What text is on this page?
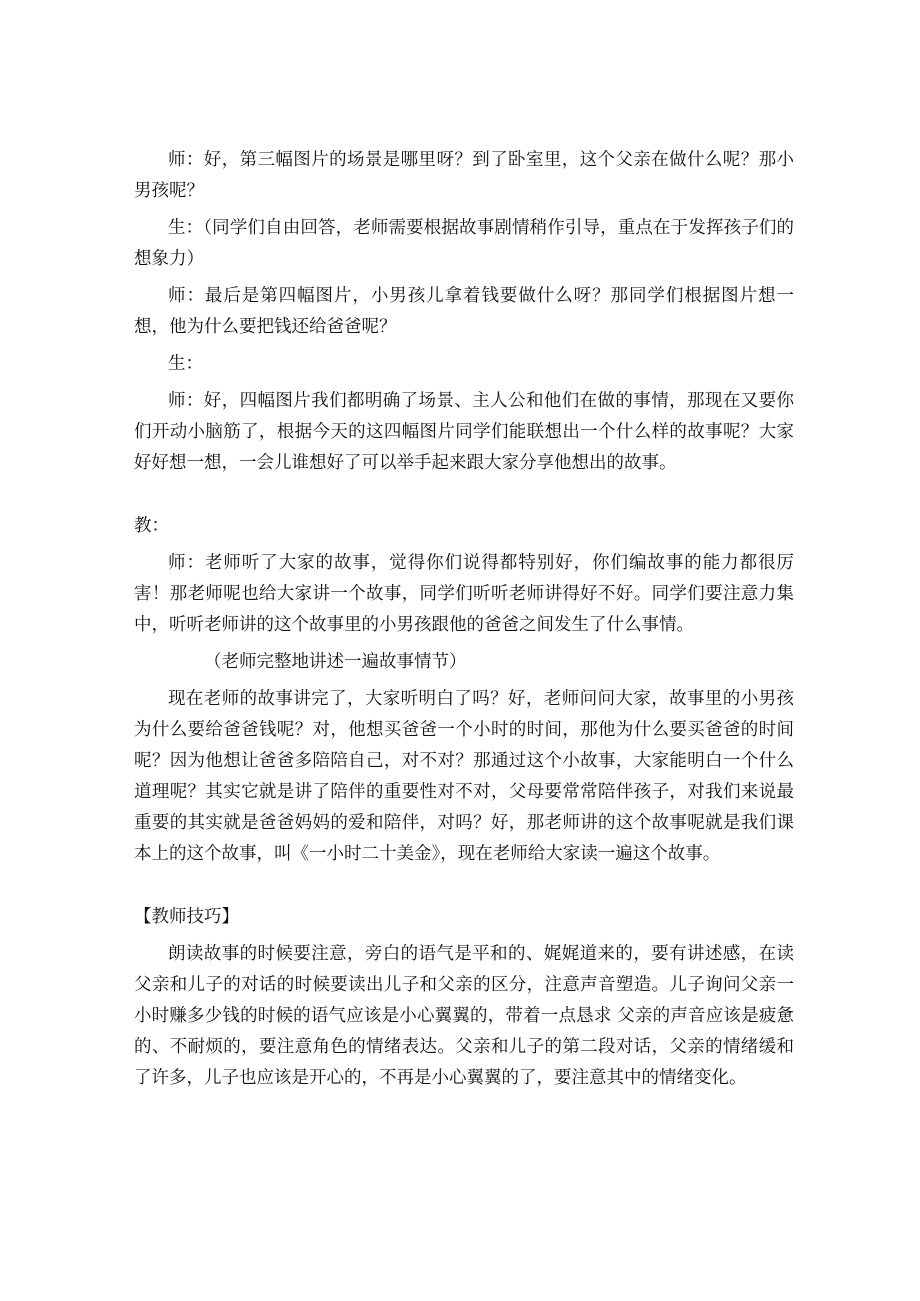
师：好，第三幅图片的场景是哪里呀？到了卧室里，这个父亲在做什么呢？那小男孩呢？

生：（同学们自由回答，老师需要根据故事剧情稍作引导，重点在于发挥孩子们的想象力）

师：最后是第四幅图片，小男孩儿拿着钱要做什么呀？那同学们根据图片想一想，他为什么要把钱还给爸爸呢？

生：

师：好，四幅图片我们都明确了场景、主人公和他们在做的事情，那现在又要你们开动小脑筋了，根据今天的这四幅图片同学们能联想出一个什么样的故事呢？大家好好想一想，一会儿谁想好了可以举手起来跟大家分享他想出的故事。

教：

师：老师听了大家的故事，觉得你们说得都特别好，你们编故事的能力都很厉害！那老师呢也给大家讲一个故事，同学们听听老师讲得好不好。同学们要注意力集中，听听老师讲的这个故事里的小男孩跟他的爸爸之间发生了什么事情。

（老师完整地讲述一遍故事情节）

现在老师的故事讲完了，大家听明白了吗？好，老师问问大家，故事里的小男孩为什么要给爸爸钱呢？对，他想买爸爸一个小时的时间，那他为什么要买爸爸的时间呢？因为他想让爸爸多陪陪自己，对不对？那通过这个小故事，大家能明白一个什么道理呢？其实它就是讲了陪伴的重要性对不对，父母要常常陪伴孩子，对我们来说最重要的其实就是爸爸妈妈的爱和陪伴，对吗？好，那老师讲的这个故事呢就是我们课本上的这个故事，叫《一小时二十美金》，现在老师给大家读一遍这个故事。

【教师技巧】

朗读故事的时候要注意，旁白的语气是平和的、娓娓道来的，要有讲述感，在读父亲和儿子的对话的时候要读出儿子和父亲的区分，注意声音塑造。儿子询问父亲一小时赚多少钱的时候的语气应该是小心翼翼的，带着一点恳求 父亲的声音应该是疲惫的、不耐烦的，要注意角色的情绪表达。父亲和儿子的第二段对话，父亲的情绪缓和了许多，儿子也应该是开心的，不再是小心翼翼的了，要注意其中的情绪变化。
